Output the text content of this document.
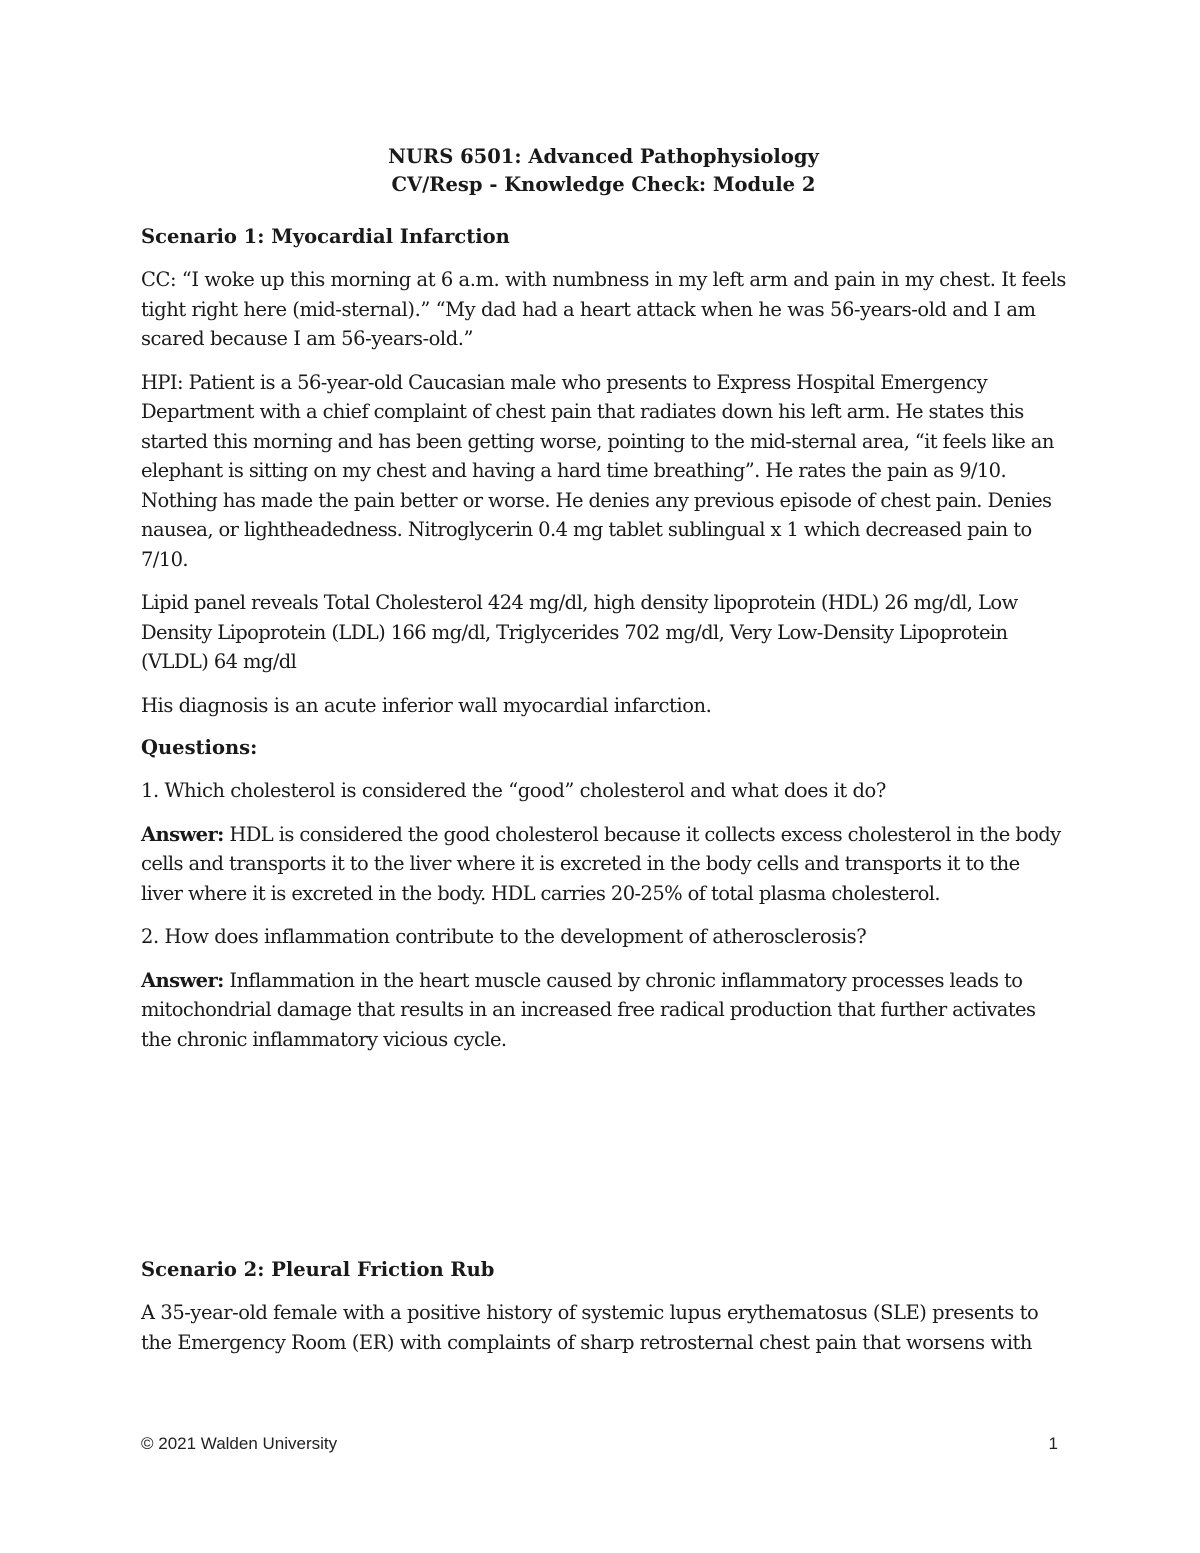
NURS 6501: Advanced Pathophysiology
CV/Resp - Knowledge Check: Module 2
Scenario 1: Myocardial Infarction

CC: “I woke up this morning at 6 a.m. with numbness in my left arm and pain in my chest. It feels tight right here (mid-sternal).” “My dad had a heart attack when he was 56-years-old and I am scared because I am 56-years-old.”

HPI: Patient is a 56-year-old Caucasian male who presents to Express Hospital Emergency Department with a chief complaint of chest pain that radiates down his left arm. He states this started this morning and has been getting worse, pointing to the mid-sternal area, “it feels like an elephant is sitting on my chest and having a hard time breathing”. He rates the pain as 9/10. Nothing has made the pain better or worse. He denies any previous episode of chest pain. Denies nausea, or lightheadedness. Nitroglycerin 0.4 mg tablet sublingual x 1 which decreased pain to 7/10.

Lipid panel reveals Total Cholesterol 424 mg/dl, high density lipoprotein (HDL) 26 mg/dl, Low Density Lipoprotein (LDL) 166 mg/dl, Triglycerides 702 mg/dl, Very Low-Density Lipoprotein (VLDL) 64 mg/dl

His diagnosis is an acute inferior wall myocardial infarction.

Questions:

1. Which cholesterol is considered the “good” cholesterol and what does it do?

Answer: HDL is considered the good cholesterol because it collects excess cholesterol in the body cells and transports it to the liver where it is excreted in the body cells and transports it to the liver where it is excreted in the body. HDL carries 20-25% of total plasma cholesterol.

2. How does inflammation contribute to the development of atherosclerosis?

Answer: Inflammation in the heart muscle caused by chronic inflammatory processes leads to mitochondrial damage that results in an increased free radical production that further activates the chronic inflammatory vicious cycle.

Scenario 2: Pleural Friction Rub

A 35-year-old female with a positive history of systemic lupus erythematosus (SLE) presents to the Emergency Room (ER) with complaints of sharp retrosternal chest pain that worsens with

© 2021 Walden University	1
